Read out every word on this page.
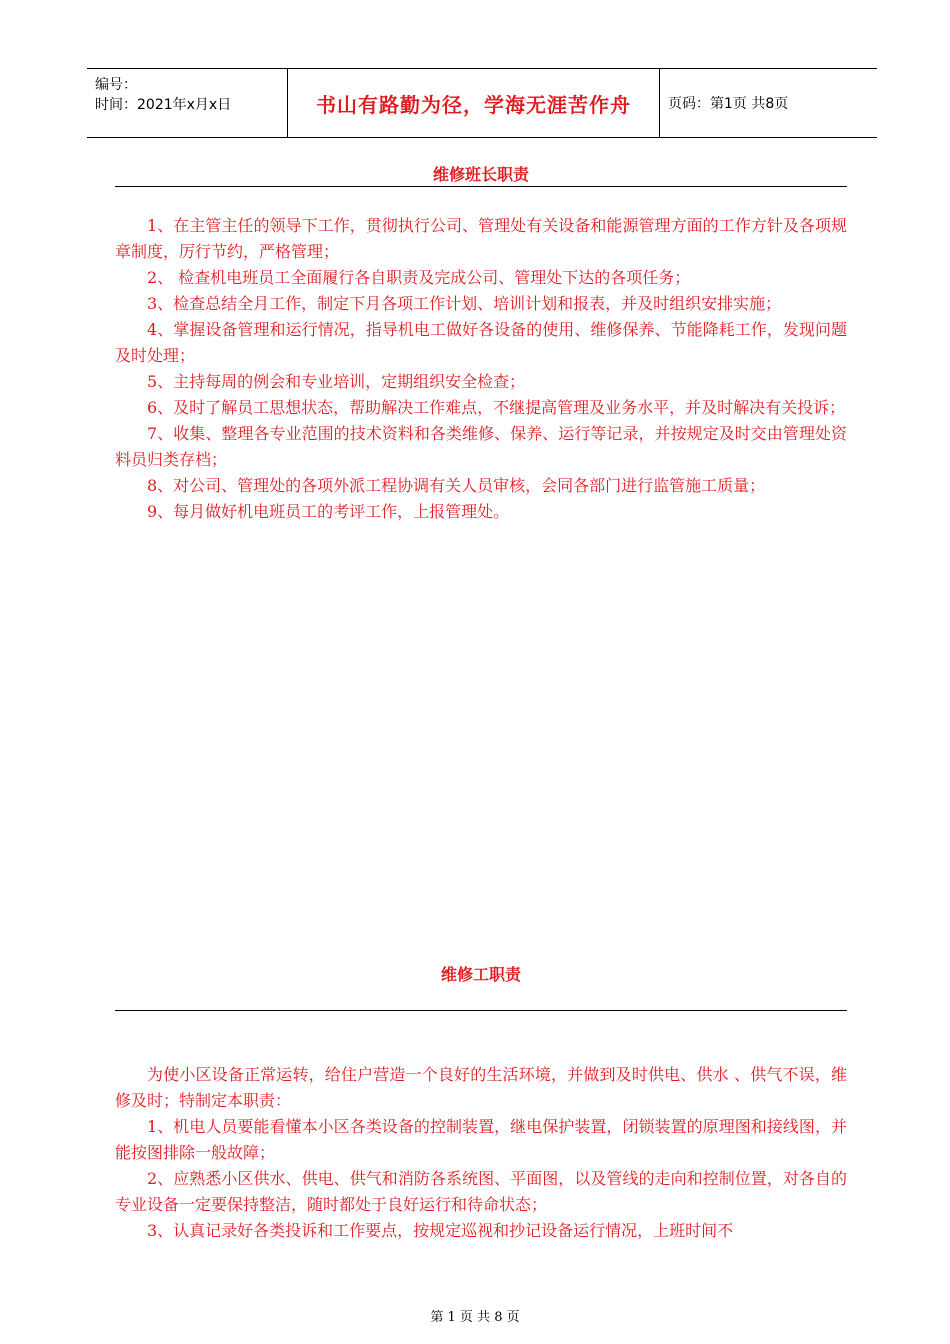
编号：
时间：2021年x月x日	书山有路勤为径，学海无涯苦作舟	页码：第1页 共8页
维修班长职责

1、在主管主任的领导下工作，贯彻执行公司、管理处有关设备和能源管理方面的工作方针及各项规章制度，厉行节约，严格管理；

2、 检查机电班员工全面履行各自职责及完成公司、管理处下达的各项任务；

3、检查总结全月工作，制定下月各项工作计划、培训计划和报表，并及时组织安排实施；

4、掌握设备管理和运行情况，指导机电工做好各设备的使用、维修保养、节能降耗工作，发现问题及时处理；

5、主持每周的例会和专业培训，定期组织安全检查；

6、及时了解员工思想状态，帮助解决工作难点，不继提高管理及业务水平，并及时解决有关投诉；

7、收集、整理各专业范围的技术资料和各类维修、保养、运行等记录，并按规定及时交由管理处资料员归类存档；

8、对公司、管理处的各项外派工程协调有关人员审核，会同各部门进行监管施工质量；

9、每月做好机电班员工的考评工作，上报管理处。

维修工职责

为使小区设备正常运转，给住户营造一个良好的生活环境，并做到及时供电、供水 、供气不误，维修及时；特制定本职责：

1、机电人员要能看懂本小区各类设备的控制装置，继电保护装置，闭锁装置的原理图和接线图，并能按图排除一般故障；

2、应熟悉小区供水、供电、供气和消防各系统图、平面图，以及管线的走向和控制位置，对各自的专业设备一定要保持整洁，随时都处于良好运行和待命状态；

3、认真记录好各类投诉和工作要点，按规定巡视和抄记设备运行情况，上班时间不

第 1 页 共 8 页
